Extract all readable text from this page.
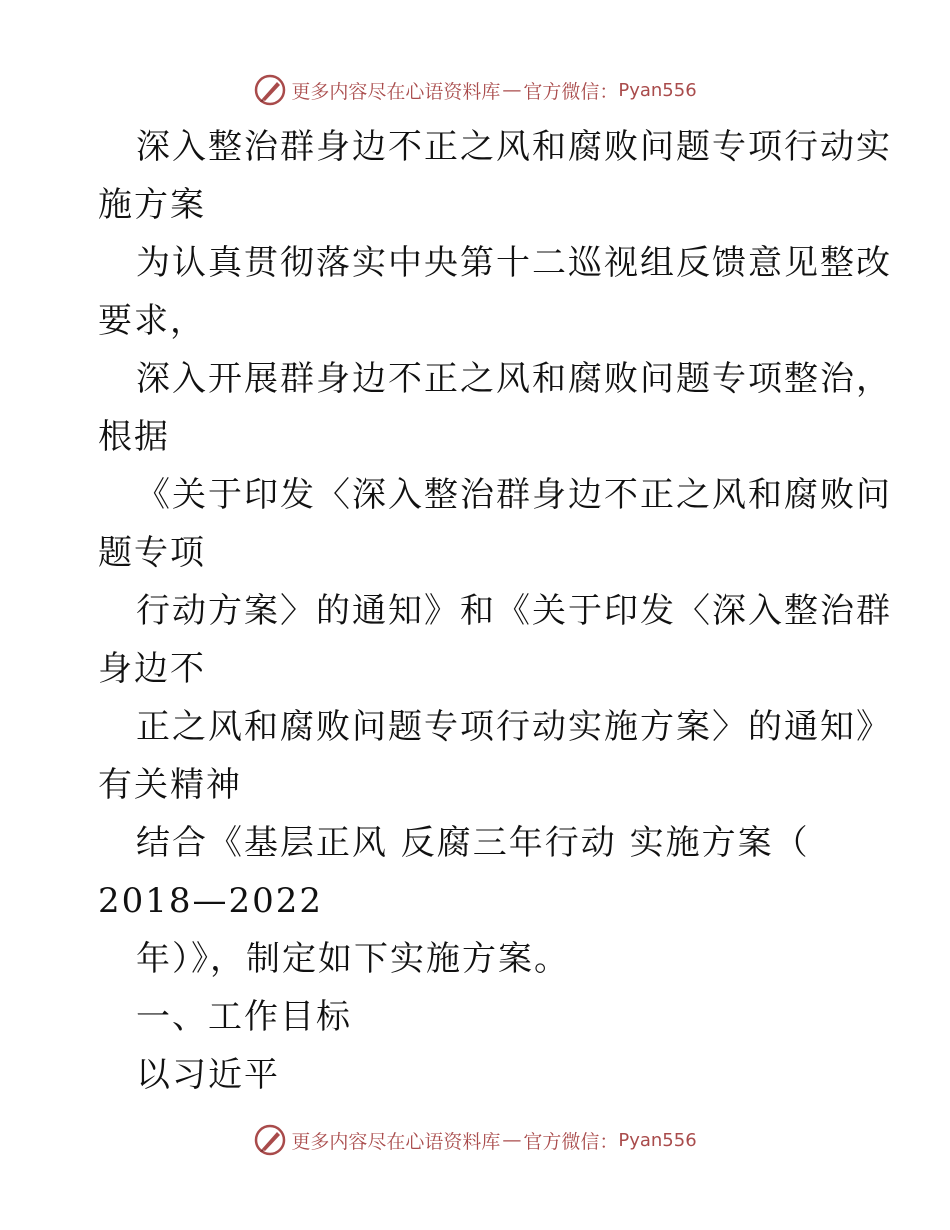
更多内容尽在心语资料库 — 官方微信： Pyan556
深入整治群身边不正之风和腐败问题专项行动实
施方案
为认真贯彻落实中央第十二巡视组反馈意见整改
要求，
深入开展群身边不正之风和腐败问题专项整治，
根据
《关于印发〈深入整治群身边不正之风和腐败问
题专项
行动方案〉的通知》和《关于印发〈深入整治群
身边不
正之风和腐败问题专项行动实施方案〉的通知》
有关精神
结合《基层正风 反腐三年行动 实施方案（
2018—2022
年）》，制定如下实施方案。
一、工作目标
以习近平
更多内容尽在心语资料库 — 官方微信： Pyan556
